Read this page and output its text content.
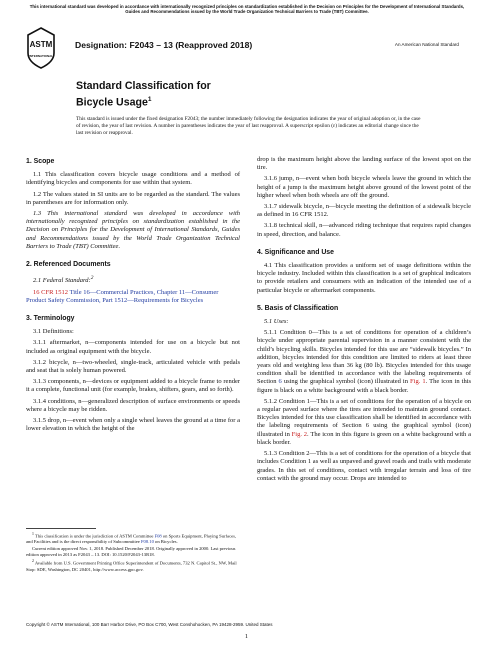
This international standard was developed in accordance with internationally recognized principles on standardization established in the Decision on Principles for the Development of International Standards, Guides and Recommendations issued by the World Trade Organization Technical Barriers to Trade (TBT) Committee.
ASTM
INTERNATIONAL
Designation: F2043 – 13 (Reapproved 2018)	An American National Standard
Standard Classification for
Bicycle Usage$^1$
This standard is issued under the fixed designation F2043; the number immediately following the designation indicates the year of original adoption or, in the case of revision, the year of last revision. A number in parentheses indicates the year of last reapproval. A superscript epsilon (ε) indicates an editorial change since the last revision or reapproval.
1. Scope

1.1 This classification covers bicycle usage conditions and a method of identifying bicycles and components for use within that system.

1.2 The values stated in SI units are to be regarded as the standard. The values in parentheses are for information only.

1.3 This international standard was developed in accordance with internationally recognized principles on standardization established in the Decision on Principles for the Development of International Standards, Guides and Recommendations issued by the World Trade Organization Technical Barriers to Trade (TBT) Committee.

2. Referenced Documents

2.1 Federal Standard:$^2$

16 CFR 1512 Title 16—Commercial Practices, Chapter 11—Consumer Product Safety Commission, Part 1512—Requirements for Bicycles

3. Terminology

3.1 Definitions:

3.1.1 aftermarket, n—components intended for use on a bicycle but not included as original equipment with the bicycle.

3.1.2 bicycle, n—two-wheeled, single-track, articulated vehicle with pedals and seat that is solely human powered.

3.1.3 components, n—devices or equipment added to a bicycle frame to render it a complete, functional unit (for example, brakes, shifters, gears, and so forth).

3.1.4 conditions, n—generalized description of surface environments or speeds where a bicycle may be ridden.

3.1.5 drop, n—event when only a single wheel leaves the ground at a time for a lower elevation in which the height of the

$^1$ This classification is under the jurisdiction of ASTM Committee F08 on Sports Equipment, Playing Surfaces, and Facilities and is the direct responsibility of Subcommittee F08.10 on Bicycles.

Current edition approved Nov. 1, 2018. Published December 2018. Originally approved in 2000. Last previous edition approved in 2013 as F2043 – 13. DOI: 10.1520/F2043-13R18.

$^2$ Available from U.S. Government Printing Office Superintendent of Documents, 732 N. Capitol St., NW, Mail Stop: SDE, Washington, DC 20401, http://www.access.gpo.gov.

drop is the maximum height above the landing surface of the lowest spot on the tire.

3.1.6 jump, n—event when both bicycle wheels leave the ground in which the height of a jump is the maximum height above ground of the lowest point of the higher wheel when both wheels are off the ground.

3.1.7 sidewalk bicycle, n—bicycle meeting the definition of a sidewalk bicycle as defined in 16 CFR 1512.

3.1.8 technical skill, n—advanced riding technique that requires rapid changes in speed, direction, and balance.

4. Significance and Use

4.1 This classification provides a uniform set of usage definitions within the bicycle industry. Included within this classification is a set of graphical indicators to provide retailers and consumers with an indication of the intended use of a particular bicycle or aftermarket components.

5. Basis of Classification

5.1 Uses:

5.1.1 Condition 0—This is a set of conditions for operation of a children’s bicycle under appropriate parental supervision in a manner consistent with the child’s bicycling skills. Bicycles intended for this use are “sidewalk bicycles.” In addition, bicycles intended for this condition are limited to riders at least three years old and weighing less than 36 kg (80 lb). Bicycles intended for this usage condition shall be identified in accordance with the labeling requirements of Section 6 using the graphical symbol (icon) illustrated in Fig. 1. The icon in this figure is black on a white background with a black border.

5.1.2 Condition 1—This is a set of conditions for the operation of a bicycle on a regular paved surface where the tires are intended to maintain ground contact. Bicycles intended for this use classification shall be identified in accordance with the labeling requirements of Section 6 using the graphical symbol (icon) illustrated in Fig. 2. The icon in this figure is green on a white background with a black border.

5.1.3 Condition 2—This is a set of conditions for the operation of a bicycle that includes Condition 1 as well as unpaved and gravel roads and trails with moderate grades. In this set of conditions, contact with irregular terrain and loss of tire contact with the ground may occur. Drops are intended to

Copyright © ASTM International, 100 Barr Harbor Drive, PO Box C700, West Conshohocken, PA 19428-2959. United States
1
